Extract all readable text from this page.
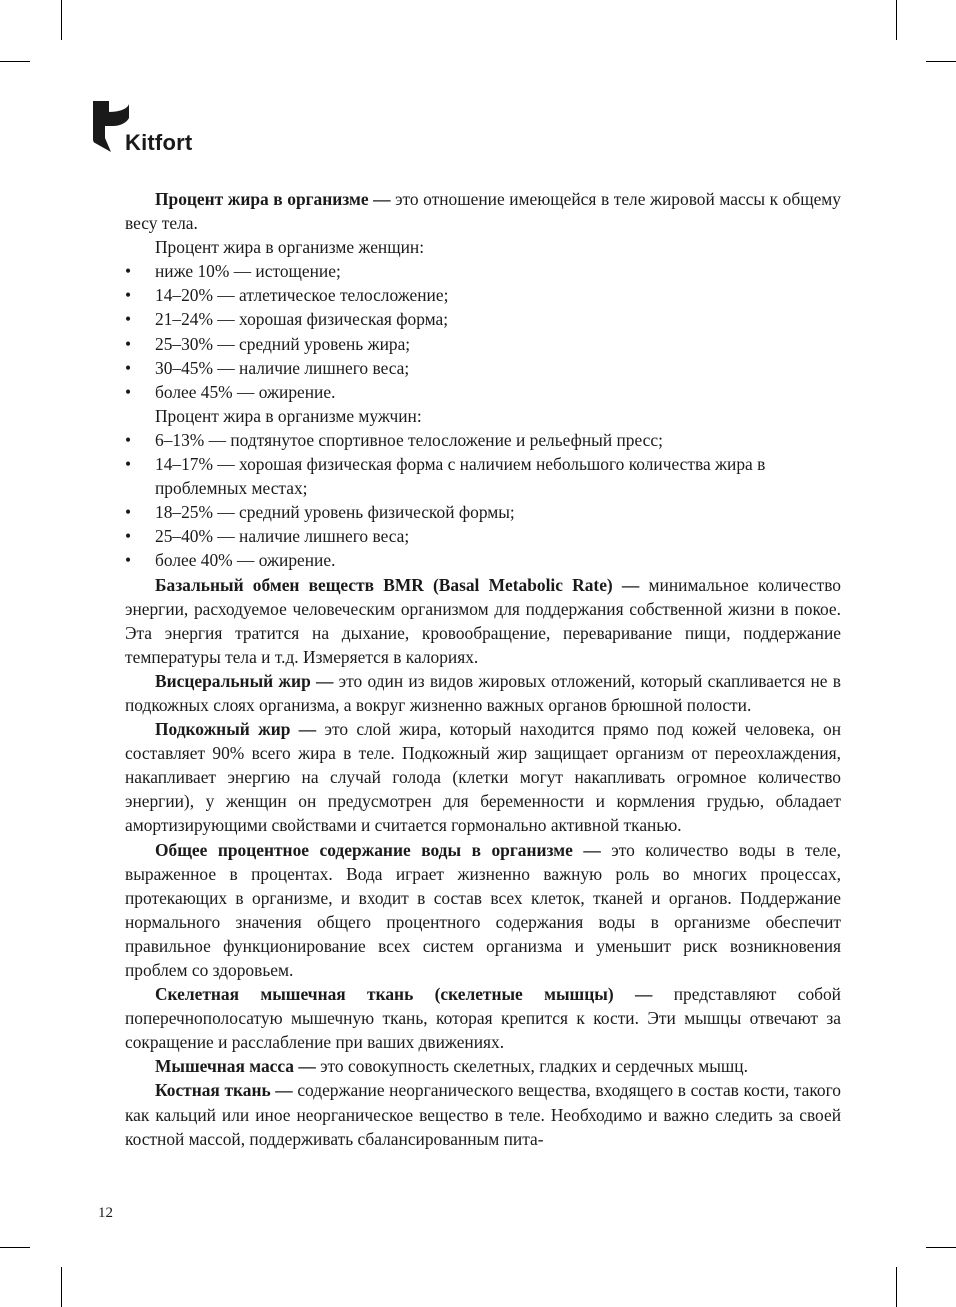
Kitfort

Процент жира в организме — это отношение имеющейся в теле жировой массы к общему весу тела.

Процент жира в организме женщин:

• ниже 10% — истощение;
• 14–20% — атлетическое телосложение;
• 21–24% — хорошая физическая форма;
• 25–30% — средний уровень жира;
• 30–45% — наличие лишнего веса;
• более 45% — ожирение.

Процент жира в организме мужчин:

• 6–13% — подтянутое спортивное телосложение и рельефный пресс;
• 14–17% — хорошая физическая форма с наличием небольшого количества жира в проблемных местах;
• 18–25% — средний уровень физической формы;
• 25–40% — наличие лишнего веса;
• более 40% — ожирение.

Базальный обмен веществ BMR (Basal Metabolic Rate) — минимальное количество энергии, расходуемое человеческим организмом для поддержания собственной жизни в покое. Эта энергия тратится на дыхание, кровообращение, переваривание пищи, поддержание температуры тела и т.д. Измеряется в калориях.

Висцеральный жир — это один из видов жировых отложений, который скапливается не в подкожных слоях организма, а вокруг жизненно важных органов брюшной полости.

Подкожный жир — это слой жира, который находится прямо под кожей человека, он составляет 90% всего жира в теле. Подкожный жир защищает организм от переохлаждения, накапливает энергию на случай голода (клетки могут накапливать огромное количество энергии), у женщин он предусмотрен для беременности и кормления грудью, обладает амортизирующими свойствами и считается гормонально активной тканью.

Общее процентное содержание воды в организме — это количество воды в теле, выраженное в процентах. Вода играет жизненно важную роль во многих процессах, протекающих в организме, и входит в состав всех клеток, тканей и органов. Поддержание нормального значения общего процентного содержания воды в организме обеспечит правильное функционирование всех систем организма и уменьшит риск возникновения проблем со здоровьем.

Скелетная мышечная ткань (скелетные мышцы) — представляют собой поперечнополосатую мышечную ткань, которая крепится к кости. Эти мышцы отвечают за сокращение и расслабление при ваших движениях.

Мышечная масса — это совокупность скелетных, гладких и сердечных мышц.

Костная ткань — содержание неорганического вещества, входящего в состав кости, такого как кальций или иное неорганическое вещество в теле. Необходимо и важно следить за своей костной массой, поддерживать сбалансированным пита-

12
